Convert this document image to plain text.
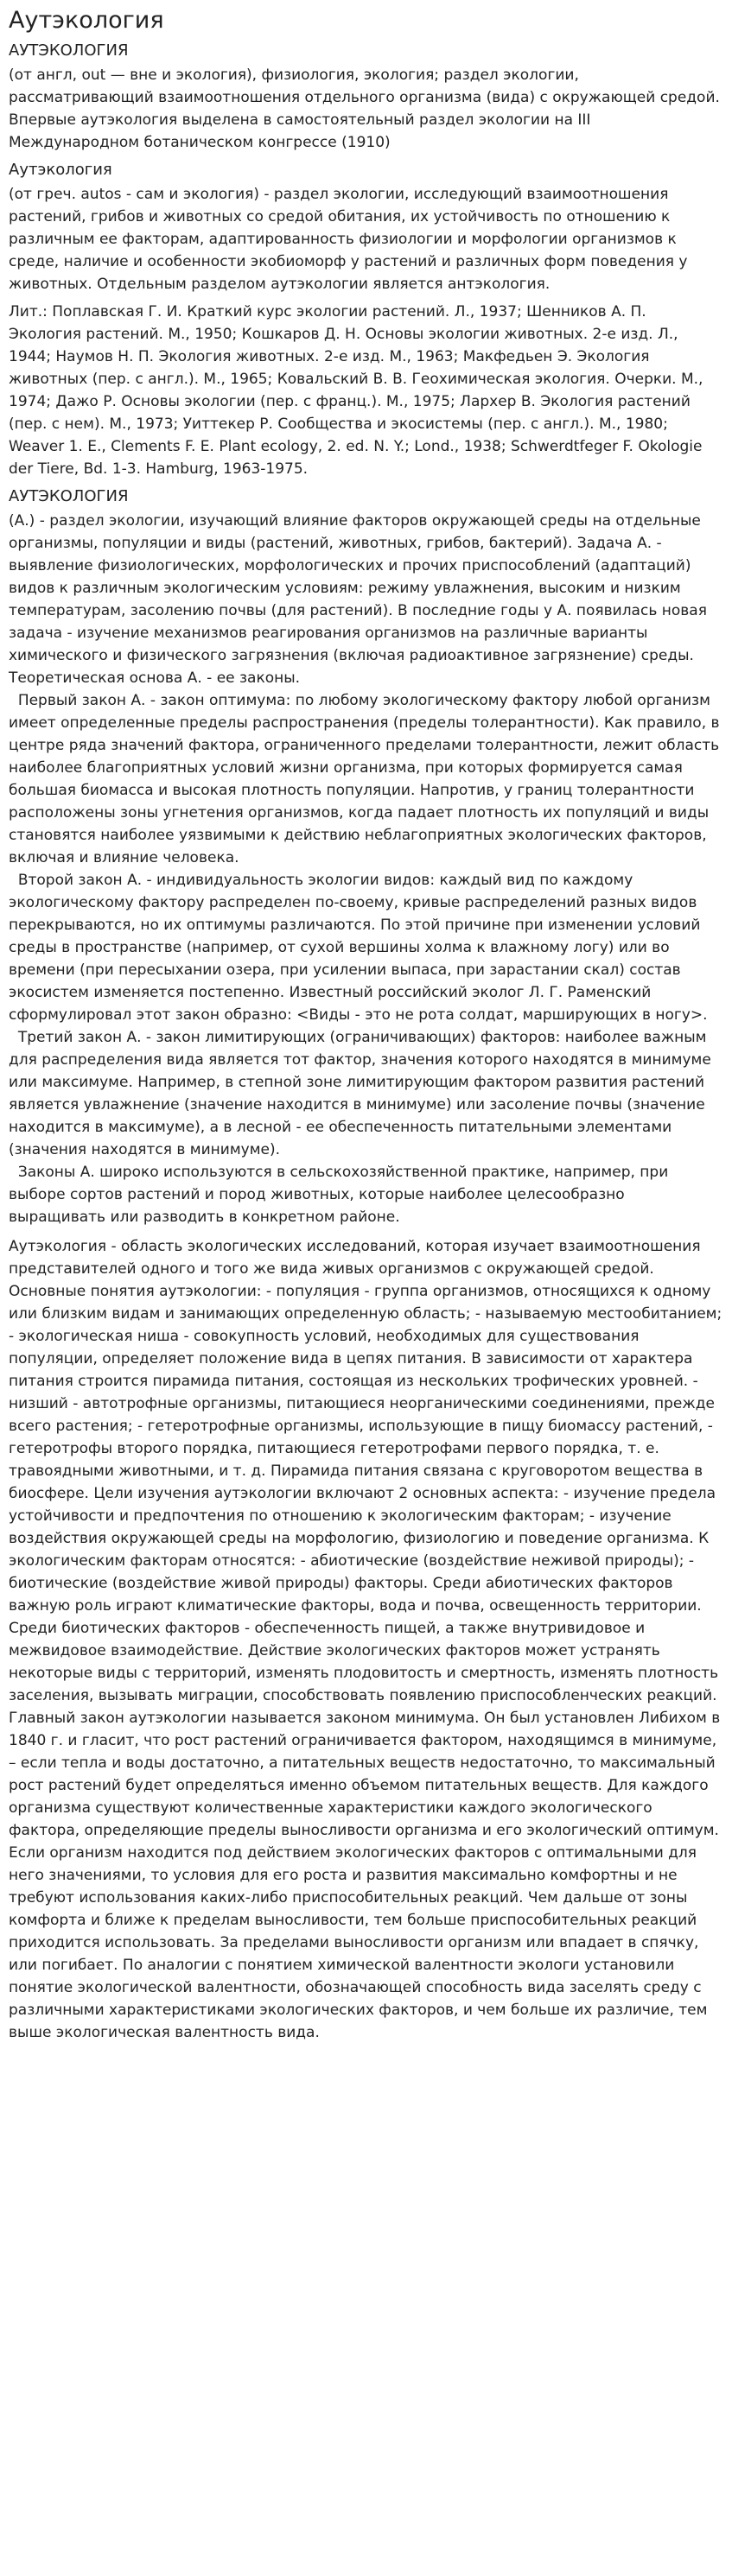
Аутэкология
АУТЭКОЛОГИЯ

(от англ, out — вне и экология), физиология, экология; раздел экологии, рассматривающий взаимоотношения отдельного организма (вида) с окружающей средой. Впервые аутэкология выделена в самостоятельный раздел экологии на III Международном ботаническом конгрессе (1910)

Аутэкология

(от греч. autos - сам и экология) - раздел экологии, исследующий взаимоотношения растений, грибов и животных со средой обитания, их устойчивость по отношению к различным ее факторам, адаптированность физиологии и морфологии организмов к среде, наличие и особенности экобиоморф у растений и различных форм поведения у животных. Отдельным разделом аутэкологии является антэкология.

Лит.: Поплавская Г. И. Краткий курс экологии растений. Л., 1937; Шенников А. П. Экология растений. М., 1950; Кошкаров Д. Н. Основы экологии животных. 2-е изд. Л., 1944; Наумов Н. П. Экология животных. 2-е изд. М., 1963; Макфедьен Э. Экология животных (пер. с англ.). М., 1965; Ковальский В. В. Геохимическая экология. Очерки. М., 1974; Дажо Р. Основы экологии (пер. с франц.). М., 1975; Лархер В. Экология растений (пер. с нем). М., 1973; Уиттекер Р. Сообщества и экосистемы (пер. с англ.). М., 1980; Weaver 1. Е., Clements F. E. Plant ecology, 2. ed. N. Y.; Lond., 1938; Schwerdtfeger F. Okologie der Tiere, Bd. 1-3. Hamburg, 1963-1975.

АУТЭКОЛОГИЯ

(А.) - раздел экологии, изучающий влияние факторов окружающей среды на отдельные организмы, популяции и виды (растений, животных, грибов, бактерий). Задача А. - выявление физиологических, морфологических и прочих приспособлений (адаптаций) видов к различным экологическим условиям: режиму увлажнения, высоким и низким температурам, засолению почвы (для растений). В последние годы у А. появилась новая задача - изучение механизмов реагирования организмов на различные варианты химического и физического загрязнения (включая радиоактивное загрязнение) среды.

Теоретическая основа А. - ее законы.

Первый закон А. - закон оптимума: по любому экологическому фактору любой организм имеет определенные пределы распространения (пределы толерантности). Как правило, в центре ряда значений фактора, ограниченного пределами толерантности, лежит область наиболее благоприятных условий жизни организма, при которых формируется самая большая биомасса и высокая плотность популяции. Напротив, у границ толерантности расположены зоны угнетения организмов, когда падает плотность их популяций и виды становятся наиболее уязвимыми к действию неблагоприятных экологических факторов, включая и влияние человека.

Второй закон А. - индивидуальность экологии видов: каждый вид по каждому экологическому фактору распределен по-своему, кривые распределений разных видов перекрываются, но их оптимумы различаются. По этой причине при изменении условий среды в пространстве (например, от сухой вершины холма к влажному логу) или во времени (при пересыхании озера, при усилении выпаса, при зарастании скал) состав экосистем изменяется постепенно. Известный российский эколог Л. Г. Раменский сформулировал этот закон образно: <Виды - это не рота солдат, марширующих в ногу>.

Третий закон А. - закон лимитирующих (ограничивающих) факторов: наиболее важным для распределения вида является тот фактор, значения которого находятся в минимуме или максимуме. Например, в степной зоне лимитирующим фактором развития растений является увлажнение (значение находится в минимуме) или засоление почвы (значение находится в максимуме), а в лесной - ее обеспеченность питательными элементами (значения находятся в минимуме).

Законы А. широко используются в сельскохозяйственной практике, например, при выборе сортов растений и пород животных, которые наиболее целесообразно выращивать или разводить в конкретном районе.

Аутэкология - область экологических исследований, которая изучает взаимоотношения представителей одного и того же вида живых организмов с окружающей средой. Основные понятия аутэкологии: - популяция - группа организмов, относящихся к одному или близким видам и занимающих определенную область; - называемую местообитанием; - экологическая ниша - совокупность условий, необходимых для существования популяции, определяет положение вида в цепях питания. В зависимости от характера питания строится пирамида питания, состоящая из нескольких трофических уровней. - низший - автотрофные организмы, питающиеся неорганическими соединениями, прежде всего растения; - гетеротрофные организмы, использующие в пищу биомассу растений, - гетеротрофы второго порядка, питающиеся гетеротрофами первого порядка, т. е. травоядными животными, и т. д. Пирамида питания связана с круговоротом вещества в биосфере. Цели изучения аутэкологии включают 2 основных аспекта: - изучение предела устойчивости и предпочтения по отношению к экологическим факторам; - изучение воздействия окружающей среды на морфологию, физиологию и поведение организма. К экологическим факторам относятся: - абиотические (воздействие неживой природы); - биотические (воздействие живой природы) факторы. Среди абиотических факторов важную роль играют климатические факторы, вода и почва, освещенность территории. Среди биотических факторов - обеспеченность пищей, а также внутривидовое и межвидовое взаимодействие. Действие экологических факторов может устранять некоторые виды с территорий, изменять плодовитость и смертность, изменять плотность заселения, вызывать миграции, способствовать появлению приспособленческих реакций. Главный закон аутэкологии называется законом минимума. Он был установлен Либихом в 1840 г. и гласит, что рост растений ограничивается фактором, находящимся в минимуме, – если тепла и воды достаточно, а питательных веществ недостаточно, то максимальный рост растений будет определяться именно объемом питательных веществ. Для каждого организма существуют количественные характеристики каждого экологического фактора, определяющие пределы выносливости организма и его экологический оптимум. Если организм находится под действием экологических факторов с оптимальными для него значениями, то условия для его роста и развития максимально комфортны и не требуют использования каких-либо приспособительных реакций. Чем дальше от зоны комфорта и ближе к пределам выносливости, тем больше приспособительных реакций приходится использовать. За пределами выносливости организм или впадает в спячку, или погибает. По аналогии с понятием химической валентности экологи установили понятие экологической валентности, обозначающей способность вида заселять среду с различными характеристиками экологических факторов, и чем больше их различие, тем выше экологическая валентность вида.
